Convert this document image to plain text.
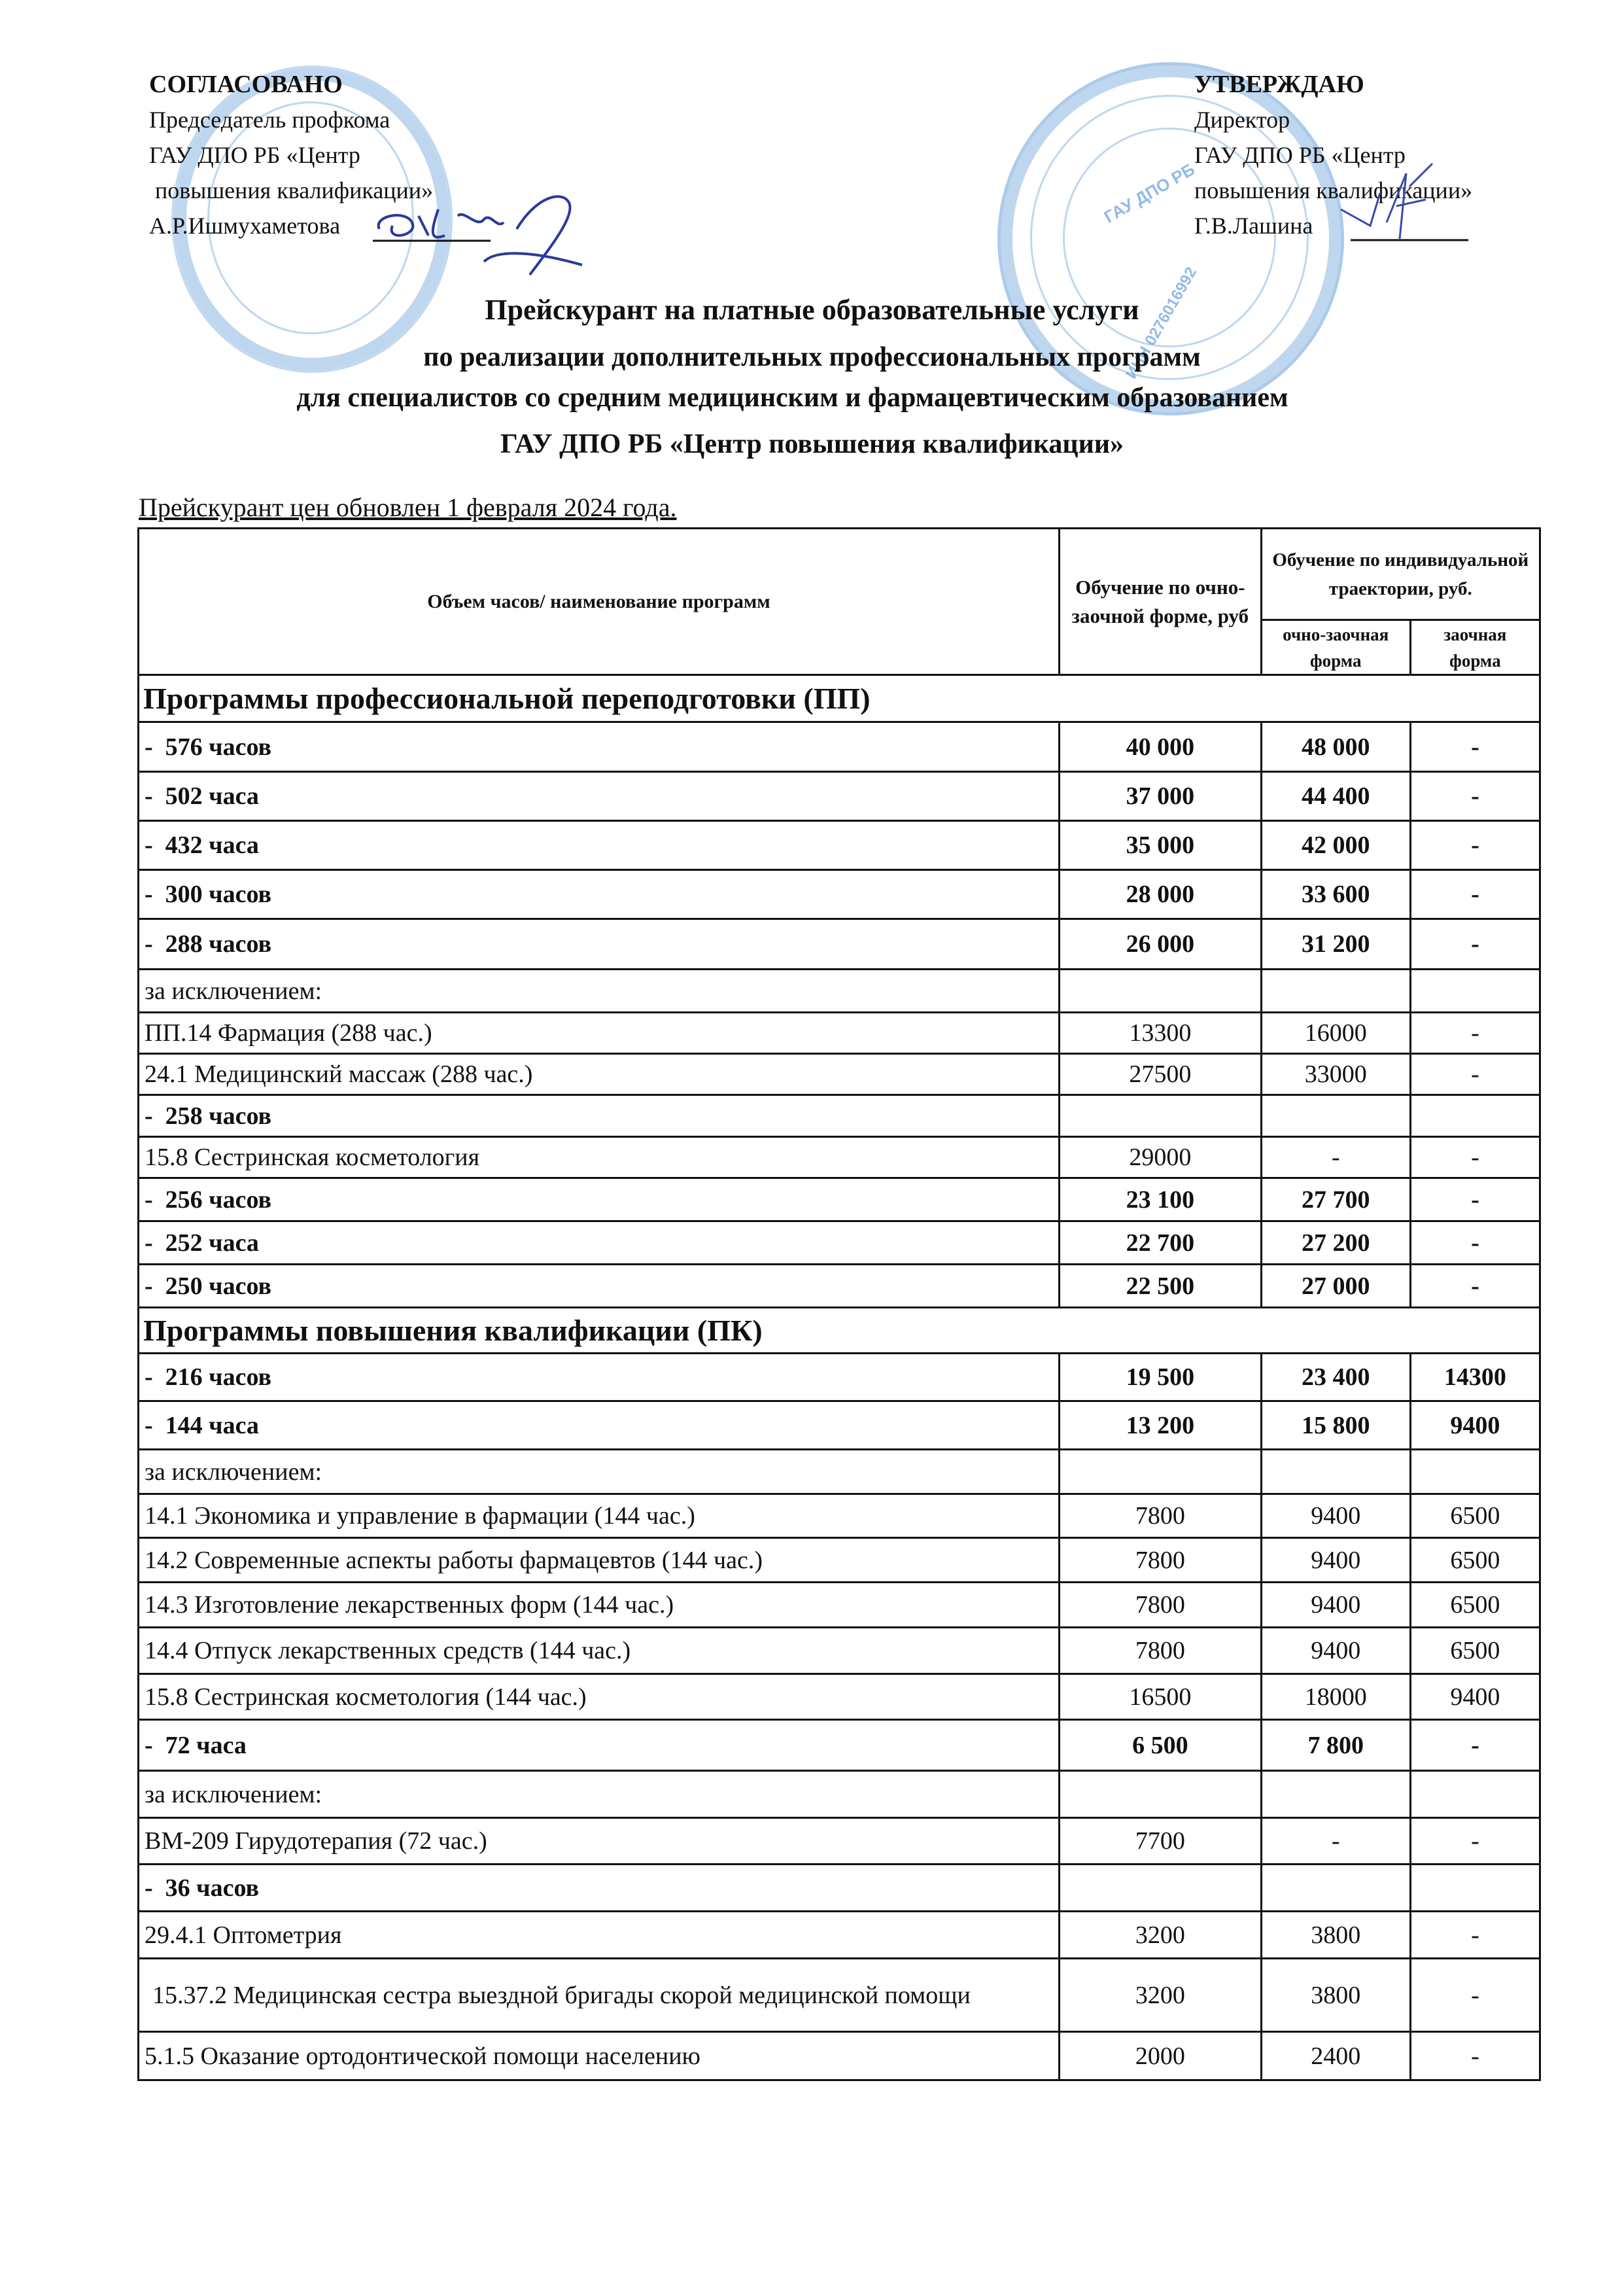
ГАУ ДПО РБ
ИНН 0276016992
СОГЛАСОВАНО
Председатель профкома
ГАУ ДПО РБ «Центр
повышения квалификации»
А.Р.Ишмухаметова
УТВЕРЖДАЮ
Директор
ГАУ ДПО РБ «Центр
повышения квалификации»
Г.В.Лашина
Прейскурант на платные образовательные услуги
по реализации дополнительных профессиональных программ
для специалистов со средним медицинским и фармацевтическим образованием
ГАУ ДПО РБ «Центр повышения квалификации»
Прейскурант цен обновлен 1 февраля 2024 года.
Объем часов/ наименование программ	Обучение по очно-заочной форме, руб	Обучение по индивидуальной траектории, руб.	
		очно-заочная форма	заочная форма
Программы профессиональной переподготовки (ПП)			
-  576 часов	40 000	48 000	-
-  502 часа	37 000	44 400	-
-  432 часа	35 000	42 000	-
-  300 часов	28 000	33 600	-
-  288 часов	26 000	31 200	-
за исключением:			
ПП.14 Фармация (288 час.)	13300	16000	-
24.1 Медицинский массаж (288 час.)	27500	33000	-
-  258 часов			
15.8 Сестринская косметология	29000	-	-
-  256 часов	23 100	27 700	-
-  252 часа	22 700	27 200	-
-  250 часов	22 500	27 000	-
Программы повышения квалификации (ПК)			
-  216 часов	19 500	23 400	14300
-  144 часа	13 200	15 800	9400
за исключением:			
14.1 Экономика и управление в фармации (144 час.)	7800	9400	6500
14.2 Современные аспекты работы фармацевтов (144 час.)	7800	9400	6500
14.3 Изготовление лекарственных форм (144 час.)	7800	9400	6500
14.4 Отпуск лекарственных средств (144 час.)	7800	9400	6500
15.8 Сестринская косметология (144 час.)	16500	18000	9400
-  72 часа	6 500	7 800	-
за исключением:			
ВМ-209 Гирудотерапия (72 час.)	7700	-	-
-  36 часов			
29.4.1 Оптометрия	3200	3800	-
15.37.2 Медицинская сестра выездной бригады скорой медицинской помощи	3200	3800	-
5.1.5 Оказание ортодонтической помощи населению	2000	2400	-
